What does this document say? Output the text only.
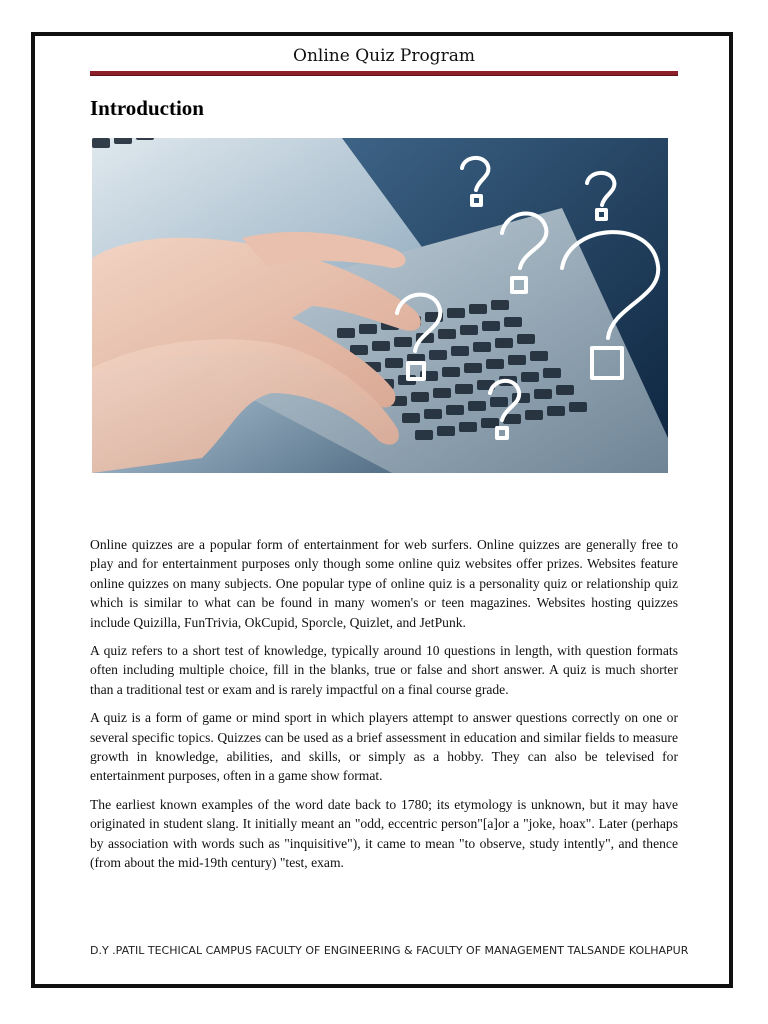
Online Quiz Program
Introduction

Online quizzes are a popular form of entertainment for web surfers. Online quizzes are generally free to play and for entertainment purposes only though some online quiz websites offer prizes. Websites feature online quizzes on many subjects. One popular type of online quiz is a personality quiz or relationship quiz which is similar to what can be found in many women's or teen magazines. Websites hosting quizzes include Quizilla, FunTrivia, OkCupid, Sporcle, Quizlet, and JetPunk.

A quiz refers to a short test of knowledge, typically around 10 questions in length, with question formats often including multiple choice, fill in the blanks, true or false and short answer. A quiz is much shorter than a traditional test or exam and is rarely impactful on a final course grade.

A quiz is a form of game or mind sport in which players attempt to answer questions correctly on one or several specific topics. Quizzes can be used as a brief assessment in education and similar fields to measure growth in knowledge, abilities, and skills, or simply as a hobby. They can also be televised for entertainment purposes, often in a game show format.

The earliest known examples of the word date back to 1780; its etymology is unknown, but it may have originated in student slang. It initially meant an "odd, eccentric person"[a]or a "joke, hoax". Later (perhaps by association with words such as "inquisitive"), it came to mean "to observe, study intently", and thence (from about the mid-19th century) "test, exam.

D.Y .PATIL TECHICAL CAMPUS FACULTY OF ENGINEERING & FACULTY OF MANAGEMENT TALSANDE KOLHAPUR
